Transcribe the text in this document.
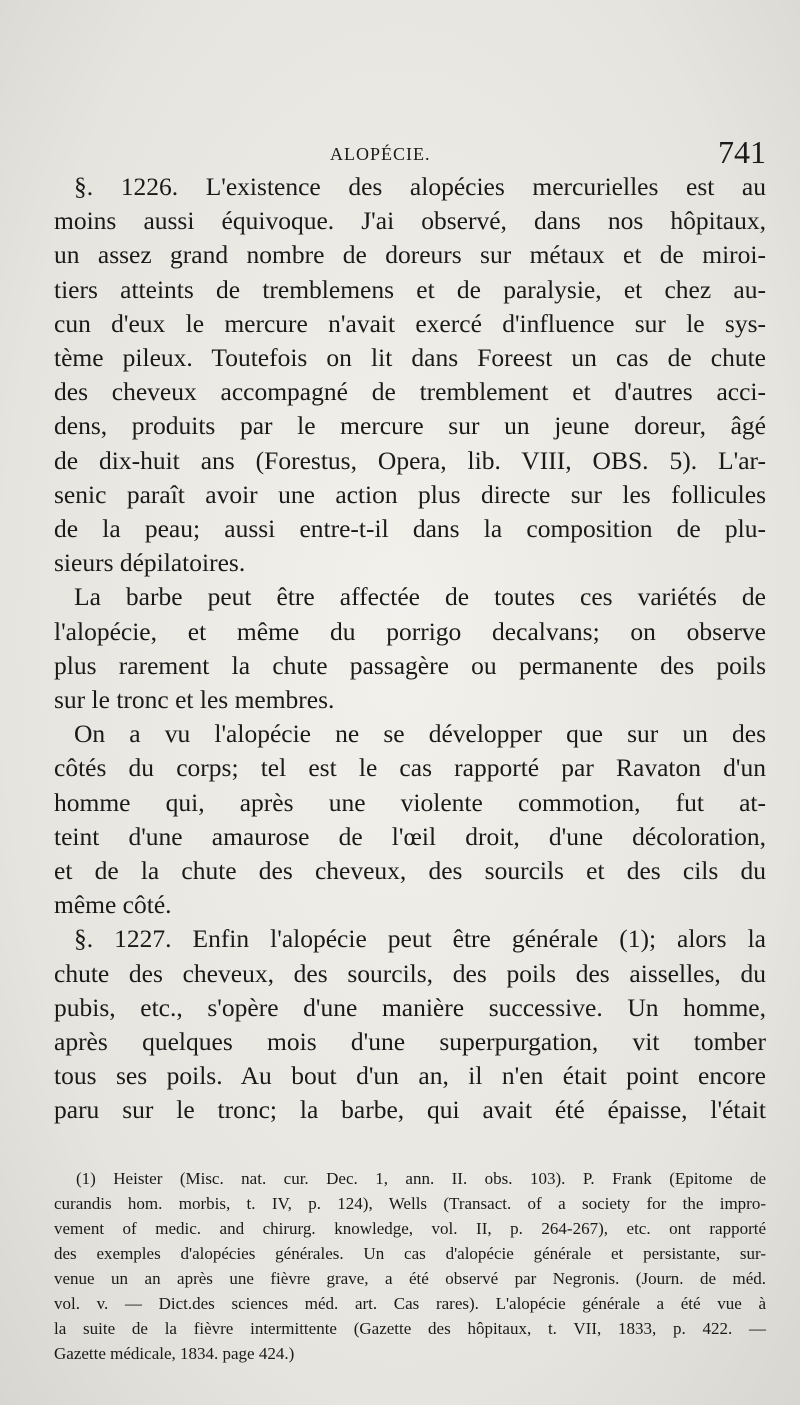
ALOPÉCIE.	741

§. 1226. L'existence des alopécies mercurielles est au

moins aussi équivoque. J'ai observé, dans nos hôpitaux,

un assez grand nombre de doreurs sur métaux et de miroi-

tiers atteints de tremblemens et de paralysie, et chez au-

cun d'eux le mercure n'avait exercé d'influence sur le sys-

tème pileux. Toutefois on lit dans Foreest un cas de chute

des cheveux accompagné de tremblement et d'autres acci-

dens, produits par le mercure sur un jeune doreur, âgé

de dix-huit ans (Forestus, Opera, lib. VIII, OBS. 5). L'ar-

senic paraît avoir une action plus directe sur les follicules

de la peau; aussi entre-t-il dans la composition de plu-

sieurs dépilatoires.

La barbe peut être affectée de toutes ces variétés de

l'alopécie, et même du porrigo decalvans; on observe

plus rarement la chute passagère ou permanente des poils

sur le tronc et les membres.

On a vu l'alopécie ne se développer que sur un des

côtés du corps; tel est le cas rapporté par Ravaton d'un

homme qui, après une violente commotion, fut at-

teint d'une amaurose de l'œil droit, d'une décoloration,

et de la chute des cheveux, des sourcils et des cils du

même côté.

§. 1227. Enfin l'alopécie peut être générale (1); alors la

chute des cheveux, des sourcils, des poils des aisselles, du

pubis, etc., s'opère d'une manière successive. Un homme,

après quelques mois d'une superpurgation, vit tomber

tous ses poils. Au bout d'un an, il n'en était point encore

paru sur le tronc; la barbe, qui avait été épaisse, l'était

(1) Heister (Misc. nat. cur. Dec. 1, ann. II. obs. 103). P. Frank (Epitome de

curandis hom. morbis, t. IV, p. 124), Wells (Transact. of a society for the impro-

vement of medic. and chirurg. knowledge, vol. II, p. 264-267), etc. ont rapporté

des exemples d'alopécies générales. Un cas d'alopécie générale et persistante, sur-

venue un an après une fièvre grave, a été observé par Negronis. (Journ. de méd.

vol. v. — Dict.des sciences méd. art. Cas rares). L'alopécie générale a été vue à

la suite de la fièvre intermittente (Gazette des hôpitaux, t. VII, 1833, p. 422. —

Gazette médicale, 1834. page 424.)
